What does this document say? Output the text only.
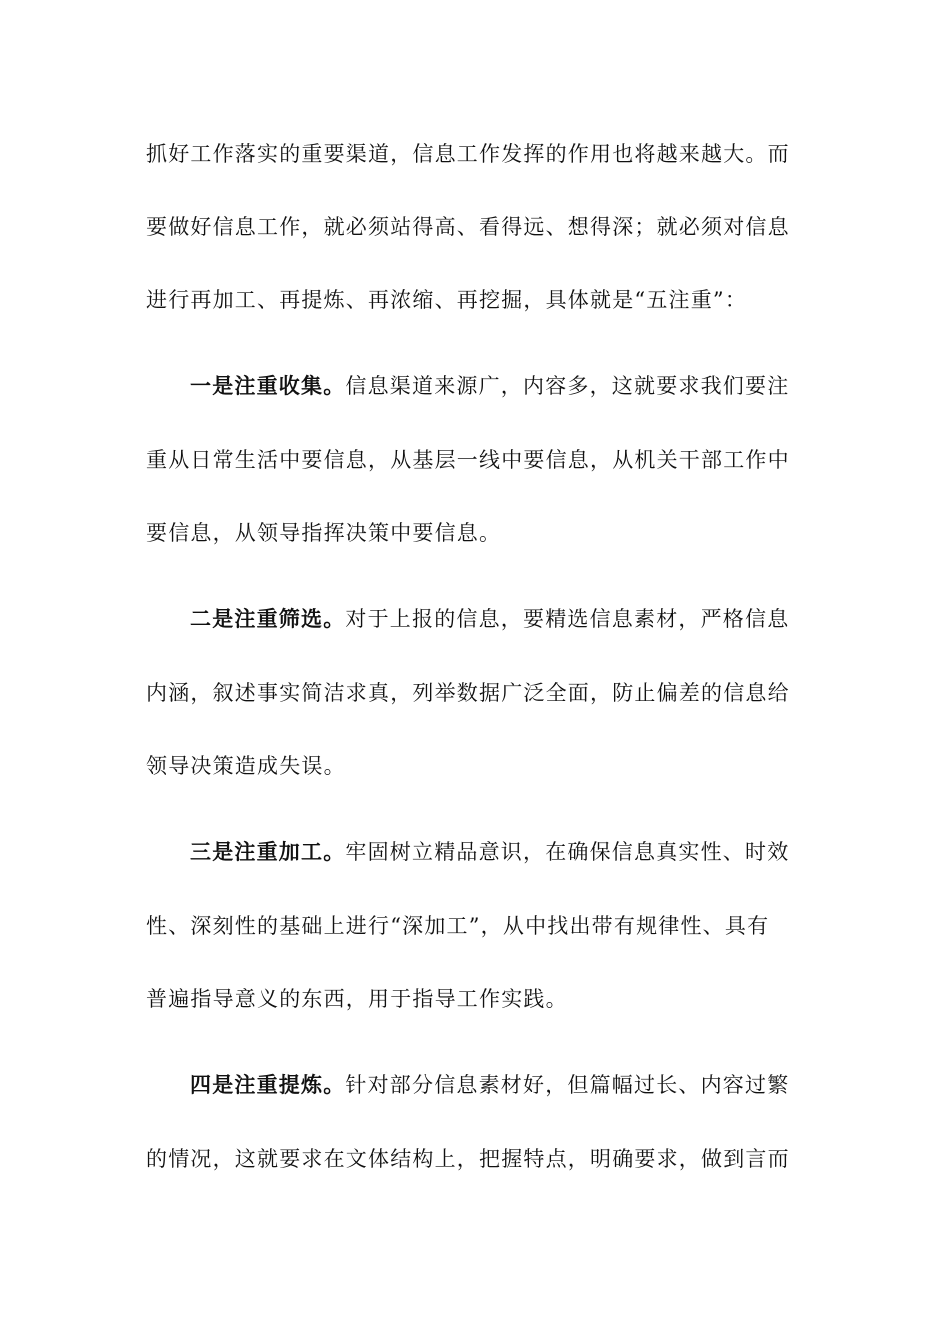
抓好工作落实的重要渠道，信息工作发挥的作用也将越来越大。而
要做好信息工作，就必须站得高、看得远、想得深；就必须对信息
进行再加工、再提炼、再浓缩、再挖掘，具体就是“五注重”：
一是注重收集。信息渠道来源广，内容多，这就要求我们要注
重从日常生活中要信息，从基层一线中要信息，从机关干部工作中
要信息，从领导指挥决策中要信息。
二是注重筛选。对于上报的信息，要精选信息素材，严格信息
内涵，叙述事实简洁求真，列举数据广泛全面，防止偏差的信息给
领导决策造成失误。
三是注重加工。牢固树立精品意识，在确保信息真实性、时效
性、深刻性的基础上进行“深加工”，从中找出带有规律性、具有
普遍指导意义的东西，用于指导工作实践。
四是注重提炼。针对部分信息素材好，但篇幅过长、内容过繁
的情况，这就要求在文体结构上，把握特点，明确要求，做到言而
